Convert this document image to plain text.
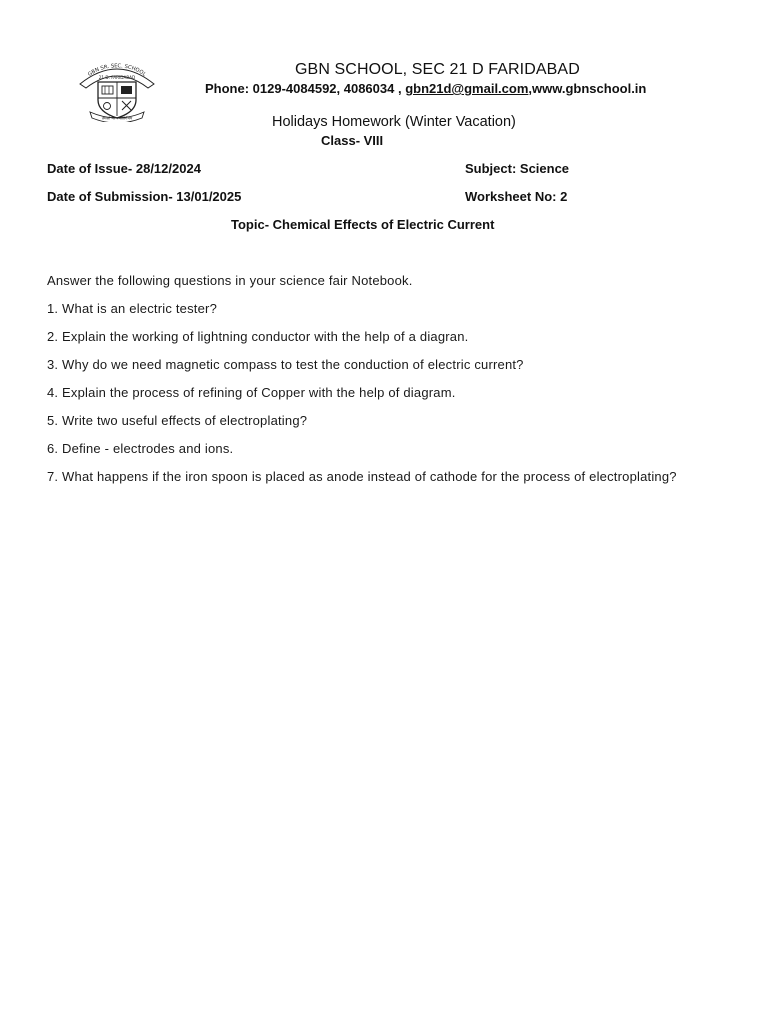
GBN SR. SEC. SCHOOL
21 D. FARIDABAD
तमसो मा ज्योतिर्गमय
GBN SCHOOL, SEC 21 D FARIDABAD
Phone: 0129-4084592, 4086034 , gbn21d@gmail.com,www.gbnschool.in
Holidays Homework (Winter Vacation)
Class- VIII
Date of Issue- 28/12/2024	Subject: Science
Date of Submission- 13/01/2025	Worksheet No: 2
Topic- Chemical Effects of Electric Current

Answer the following questions in your science fair Notebook.

1. What is an electric tester?

2. Explain the working of lightning conductor with the help of a diagran.

3. Why do we need magnetic compass to test the conduction of electric current?

4. Explain the process of refining of Copper with the help of diagram.

5. Write two useful effects of electroplating?

6. Define - electrodes and ions.

7. What happens if the iron spoon is placed as anode instead of cathode for the process of electroplating?
